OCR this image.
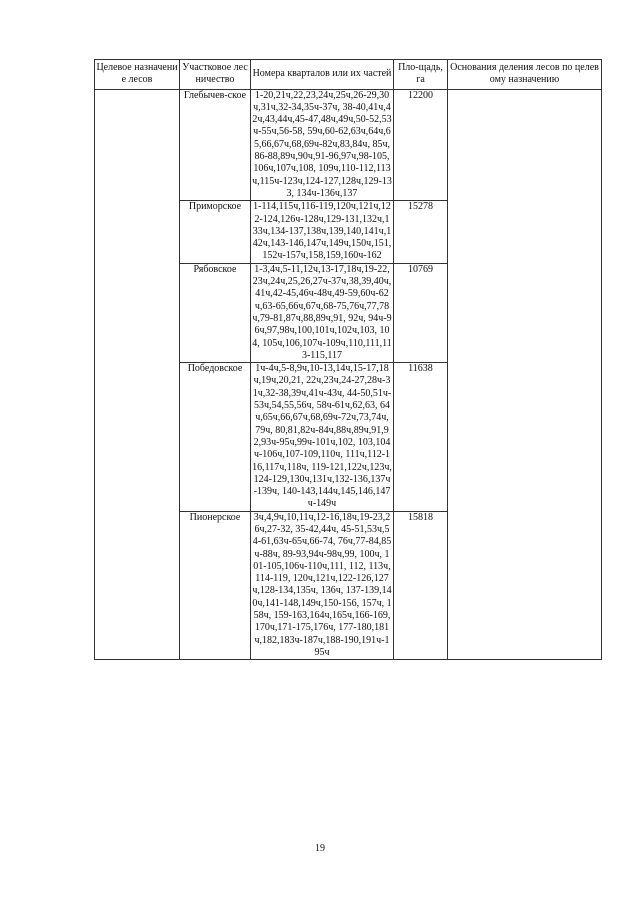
Целевое назначение лесов	Участковое лесничество	Номера кварталов или их частей	Пло-щадь, га	Основания деления лесов по целевому назначению
	Глебычев-ское	1-20,21ч,22,23,24ч,25ч,26-29,30ч,31ч,32-34,35ч-37ч, 38-40,41ч,42ч,43,44ч,45-47,48ч,49ч,50-52,53ч-55ч,56-58, 59ч,60-62,63ч,64ч,65,66,67ч,68,69ч-82ч,83,84ч, 85ч,86-88,89ч,90ч,91-96,97ч,98-105,106ч,107ч,108, 109ч,110-112,113ч,115ч-123ч,124-127,128ч,129-133, 134ч-136ч,137	12200	
	Приморское	1-114,115ч,116-119,120ч,121ч,122-124,126ч-128ч,129-131,132ч,133ч,134-137,138ч,139,140,141ч,142ч,143-146,147ч,149ч,150ч,151,152ч-157ч,158,159,160ч-162	15278	
	Рябовское	1-3,4ч,5-11,12ч,13-17,18ч,19-22,23ч,24ч,25,26,27ч-37ч,38,39,40ч,41ч,42-45,46ч-48ч,49-59,60ч-62ч,63-65,66ч,67ч,68-75,76ч,77,78ч,79-81,87ч,88,89ч,91, 92ч, 94ч-96ч,97,98ч,100,101ч,102ч,103, 104, 105ч,106,107ч-109ч,110,111,113-115,117	10769	
	Победовское	1ч-4ч,5-8,9ч,10-13,14ч,15-17,18ч,19ч,20,21, 22ч,23ч,24-27,28ч-31ч,32-38,39ч,41ч-43ч, 44-50,51ч-53ч,54,55,56ч, 58ч-61ч,62,63, 64ч,65ч,66,67ч,68,69ч-72ч,73,74ч, 79ч, 80,81,82ч-84ч,88ч,89ч,91,92,93ч-95ч,99ч-101ч,102, 103,104ч-106ч,107-109,110ч, 111ч,112-116,117ч,118ч, 119-121,122ч,123ч,124-129,130ч,131ч,132-136,137ч-139ч, 140-143,144ч,145,146,147ч-149ч	11638	
	Пионерское	3ч,4,9ч,10,11ч,12-16,18ч,19-23,26ч,27-32, 35-42,44ч, 45-51,53ч,54-61,63ч-65ч,66-74, 76ч,77-84,85ч-88ч, 89-93,94ч-98ч,99, 100ч, 101-105,106ч-110ч,111, 112, 113ч,114-119, 120ч,121ч,122-126,127ч,128-134,135ч, 136ч, 137-139,140ч,141-148,149ч,150-156, 157ч, 158ч, 159-163,164ч,165ч,166-169, 170ч,171-175,176ч, 177-180,181ч,182,183ч-187ч,188-190,191ч-195ч	15818	
19
